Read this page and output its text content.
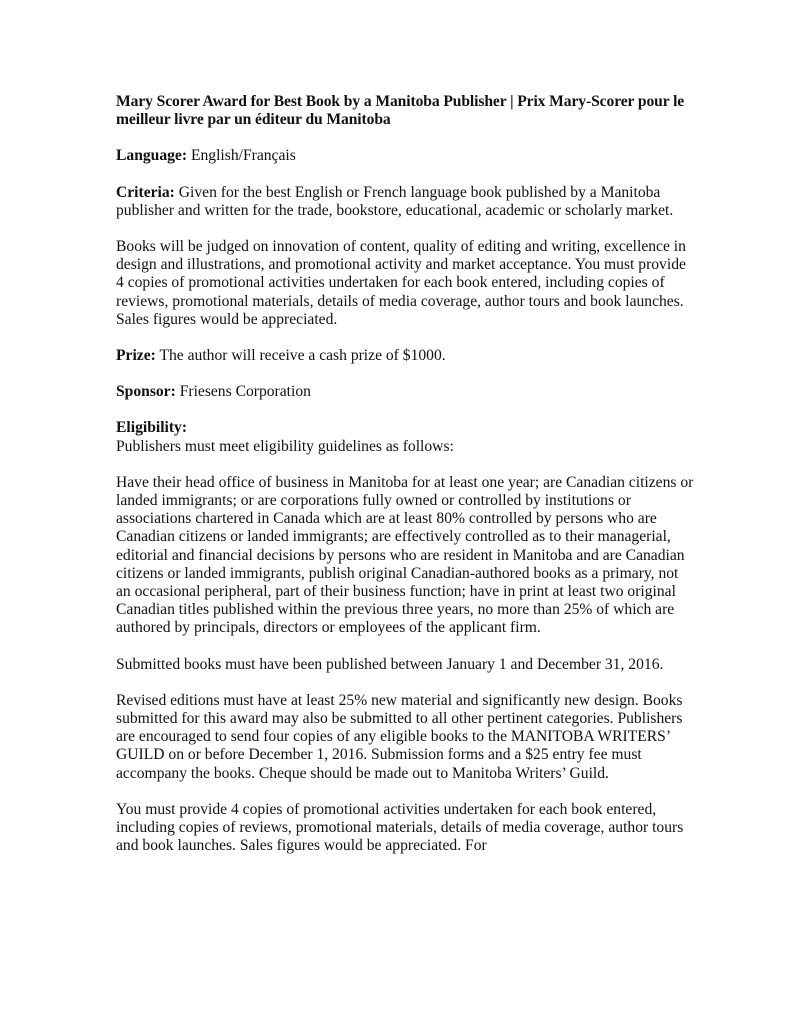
Mary Scorer Award for Best Book by a Manitoba Publisher | Prix Mary-Scorer pour le meilleur livre par un éditeur du Manitoba

Language: English/Français

Criteria: Given for the best English or French language book published by a Manitoba publisher and written for the trade, bookstore, educational, academic or scholarly market.

Books will be judged on innovation of content, quality of editing and writing, excellence in design and illustrations, and promotional activity and market acceptance. You must provide 4 copies of promotional activities undertaken for each book entered, including copies of reviews, promotional materials, details of media coverage, author tours and book launches. Sales figures would be appreciated.

Prize: The author will receive a cash prize of $1000.

Sponsor: Friesens Corporation

Eligibility:
Publishers must meet eligibility guidelines as follows:

Have their head office of business in Manitoba for at least one year; are Canadian citizens or landed immigrants; or are corporations fully owned or controlled by institutions or associations chartered in Canada which are at least 80% controlled by persons who are Canadian citizens or landed immigrants; are effectively controlled as to their managerial, editorial and financial decisions by persons who are resident in Manitoba and are Canadian citizens or landed immigrants, publish original Canadian-authored books as a primary, not an occasional peripheral, part of their business function; have in print at least two original Canadian titles published within the previous three years, no more than 25% of which are authored by principals, directors or employees of the applicant firm.

Submitted books must have been published between January 1 and December 31, 2016.

Revised editions must have at least 25% new material and significantly new design. Books submitted for this award may also be submitted to all other pertinent categories. Publishers are encouraged to send four copies of any eligible books to the MANITOBA WRITERS’ GUILD on or before December 1, 2016. Submission forms and a $25 entry fee must accompany the books. Cheque should be made out to Manitoba Writers’ Guild.

You must provide 4 copies of promotional activities undertaken for each book entered, including copies of reviews, promotional materials, details of media coverage, author tours and book launches. Sales figures would be appreciated. For
